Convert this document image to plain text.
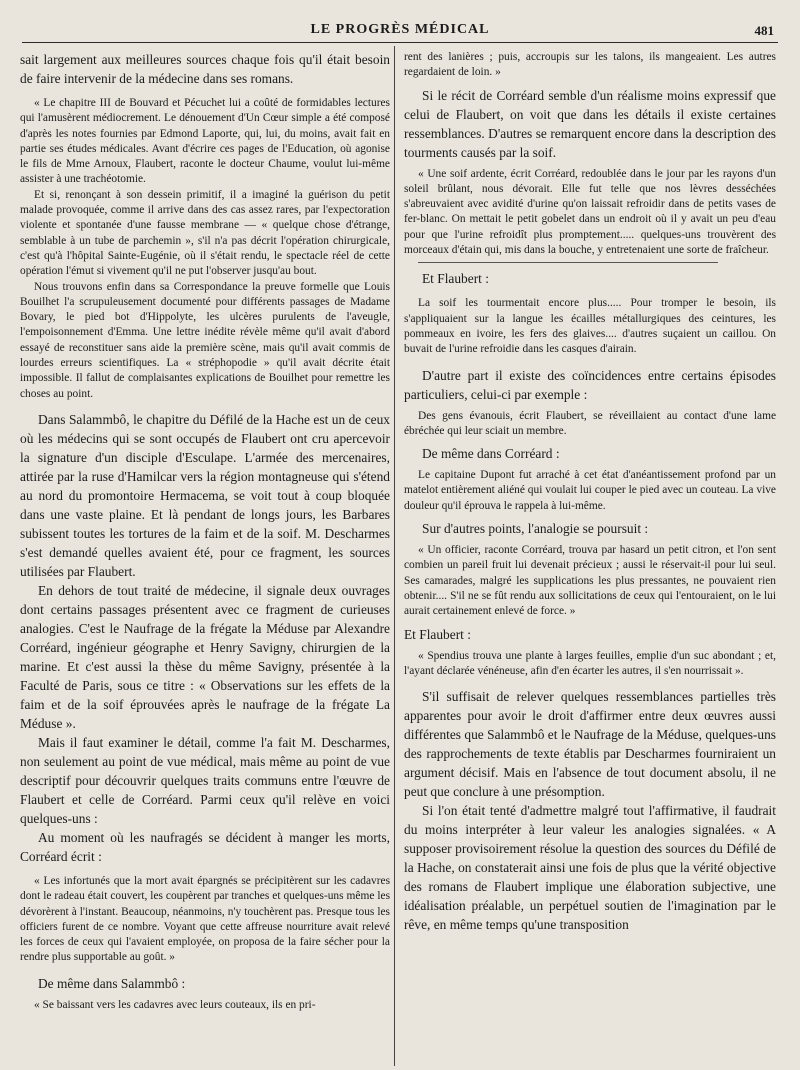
LE PROGRÈS MÉDICAL	481

sait largement aux meilleures sources chaque fois qu'il était besoin de faire intervenir de la médecine dans ses romans.

« Le chapitre III de Bouvard et Pécuchet lui a coûté de formidables lectures qui l'amusèrent médiocrement. Le dénouement d'Un Cœur simple a été composé d'après les notes fournies par Edmond Laporte, qui, lui, du moins, avait fait en partie ses études médicales. Avant d'écrire ces pages de l'Education, où agonise le fils de Mme Arnoux, Flaubert, raconte le docteur Chaume, voulut lui-même assister à une trachéotomie.

Et si, renonçant à son dessein primitif, il a imaginé la guérison du petit malade provoquée, comme il arrive dans des cas assez rares, par l'expectoration violente et spontanée d'une fausse membrane — « quelque chose d'étrange, semblable à un tube de parchemin », s'il n'a pas décrit l'opération chirurgicale, c'est qu'à l'hôpital Sainte-Eugénie, où il s'était rendu, le spectacle réel de cette opération l'émut si vivement qu'il ne put l'observer jusqu'au bout.

Nous trouvons enfin dans sa Correspondance la preuve formelle que Louis Bouilhet l'a scrupuleusement documenté pour différents passages de Madame Bovary, le pied bot d'Hippolyte, les ulcères purulents de l'aveugle, l'empoisonnement d'Emma. Une lettre inédite révèle même qu'il avait d'abord essayé de reconstituer sans aide la première scène, mais qu'il avait commis de lourdes erreurs scientifiques. La « stréphopodie » qu'il avait décrite était impossible. Il fallut de complaisantes explications de Bouilhet pour remettre les choses au point.

Dans Salammbô, le chapitre du Défilé de la Hache est un de ceux où les médecins qui se sont occupés de Flaubert ont cru apercevoir la signature d'un disciple d'Esculape. L'armée des mercenaires, attirée par la ruse d'Hamilcar vers la région montagneuse qui s'étend au nord du promontoire Hermacema, se voit tout à coup bloquée dans une vaste plaine. Et là pendant de longs jours, les Barbares subissent toutes les tortures de la faim et de la soif. M. Descharmes s'est demandé quelles avaient été, pour ce fragment, les sources utilisées par Flaubert.

En dehors de tout traité de médecine, il signale deux ouvrages dont certains passages présentent avec ce fragment de curieuses analogies. C'est le Naufrage de la frégate la Méduse par Alexandre Corréard, ingénieur géographe et Henry Savigny, chirurgien de la marine. Et c'est aussi la thèse du même Savigny, présentée à la Faculté de Paris, sous ce titre : « Observations sur les effets de la faim et de la soif éprouvées après le naufrage de la frégate La Méduse ».

Mais il faut examiner le détail, comme l'a fait M. Descharmes, non seulement au point de vue médical, mais même au point de vue descriptif pour découvrir quelques traits communs entre l'œuvre de Flaubert et celle de Corréard. Parmi ceux qu'il relève en voici quelques-uns :

Au moment où les naufragés se décident à manger les morts, Corréard écrit :

« Les infortunés que la mort avait épargnés se précipitèrent sur les cadavres dont le radeau était couvert, les coupèrent par tranches et quelques-uns même les dévorèrent à l'instant. Beaucoup, néanmoins, n'y touchèrent pas. Presque tous les officiers furent de ce nombre. Voyant que cette affreuse nourriture avait relevé les forces de ceux qui l'avaient employée, on proposa de la faire sécher pour la rendre plus supportable au goût. »

De même dans Salammbô :

« Se baissant vers les cadavres avec leurs couteaux, ils en pri-

rent des lanières ; puis, accroupis sur les talons, ils mangeaient. Les autres regardaient de loin. »

Si le récit de Corréard semble d'un réalisme moins expressif que celui de Flaubert, on voit que dans les détails il existe certaines ressemblances. D'autres se remarquent encore dans la description des tourments causés par la soif.

« Une soif ardente, écrit Corréard, redoublée dans le jour par les rayons d'un soleil brûlant, nous dévorait. Elle fut telle que nos lèvres desséchées s'abreuvaient avec avidité d'urine qu'on laissait refroidir dans de petits vases de fer-blanc. On mettait le petit gobelet dans un endroit où il y avait un peu d'eau pour que l'urine refroidît plus promptement..... quelques-uns trouvèrent des morceaux d'étain qui, mis dans la bouche, y entretenaient une sorte de fraîcheur.

Et Flaubert :

La soif les tourmentait encore plus..... Pour tromper le besoin, ils s'appliquaient sur la langue les écailles métallurgiques des ceintures, les pommeaux en ivoire, les fers des glaives.... d'autres suçaient un caillou. On buvait de l'urine refroidie dans les casques d'airain.

D'autre part il existe des coïncidences entre certains épisodes particuliers, celui-ci par exemple :

Des gens évanouis, écrit Flaubert, se réveillaient au contact d'une lame ébréchée qui leur sciait un membre.

De même dans Corréard :

Le capitaine Dupont fut arraché à cet état d'anéantissement profond par un matelot entièrement aliéné qui voulait lui couper le pied avec un couteau. La vive douleur qu'il éprouva le rappela à lui-même.

Sur d'autres points, l'analogie se poursuit :

« Un officier, raconte Corréard, trouva par hasard un petit citron, et l'on sent combien un pareil fruit lui devenait précieux ; aussi le réservait-il pour lui seul. Ses camarades, malgré les supplications les plus pressantes, ne pouvaient rien obtenir.... S'il ne se fût rendu aux sollicitations de ceux qui l'entouraient, on le lui aurait certainement enlevé de force. »

Et Flaubert :

« Spendius trouva une plante à larges feuilles, emplie d'un suc abondant ; et, l'ayant déclarée vénéneuse, afin d'en écarter les autres, il s'en nourrissait ».

S'il suffisait de relever quelques ressemblances partielles très apparentes pour avoir le droit d'affirmer entre deux œuvres aussi différentes que Salammbô et le Naufrage de la Méduse, quelques-uns des rapprochements de texte établis par Descharmes fourniraient un argument décisif. Mais en l'absence de tout document absolu, il ne peut que conclure à une présomption.

Si l'on était tenté d'admettre malgré tout l'affirmative, il faudrait du moins interpréter à leur valeur les analogies signalées. « A supposer provisoirement résolue la question des sources du Défilé de la Hache, on constaterait ainsi une fois de plus que la vérité objective des romans de Flaubert implique une élaboration subjective, une idéalisation préalable, un perpétuel soutien de l'imagination par le rêve, en même temps qu'une transposition
